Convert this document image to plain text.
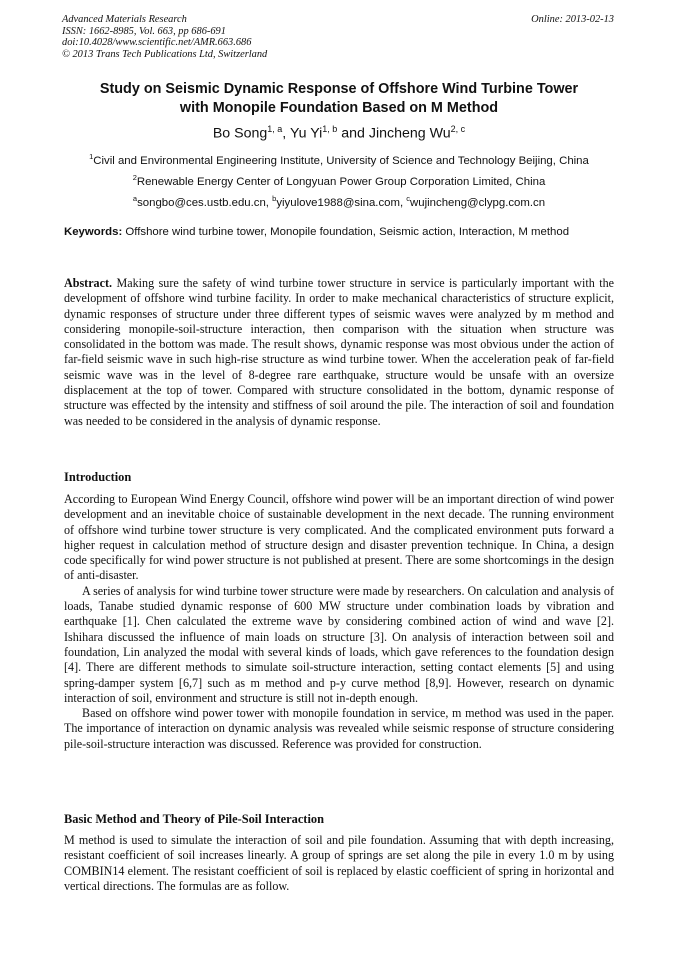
Advanced Materials Research
ISSN: 1662-8985, Vol. 663, pp 686-691
doi:10.4028/www.scientific.net/AMR.663.686
© 2013 Trans Tech Publications Ltd, Switzerland
Online: 2013-02-13
Study on Seismic Dynamic Response of Offshore Wind Turbine Tower
with Monopile Foundation Based on M Method
Bo Song$^{1, a}$, Yu Yi$^{1, b}$ and Jincheng Wu$^{2, c}$
$^1$Civil and Environmental Engineering Institute, University of Science and Technology Beijing, China
$^2$Renewable Energy Center of Longyuan Power Group Corporation Limited, China
$^a$songbo@ces.ustb.edu.cn, $^b$yiyulove1988@sina.com, $^c$wujincheng@clypg.com.cn
Keywords: Offshore wind turbine tower, Monopile foundation, Seismic action, Interaction, M method
Abstract. Making sure the safety of wind turbine tower structure in service is particularly important with the development of offshore wind turbine facility. In order to make mechanical characteristics of structure explicit, dynamic responses of structure under three different types of seismic waves were analyzed by m method and considering monopile-soil-structure interaction, then comparison with the situation when structure was consolidated in the bottom was made. The result shows, dynamic response was most obvious under the action of far-field seismic wave in such high-rise structure as wind turbine tower. When the acceleration peak of far-field seismic wave was in the level of 8-degree rare earthquake, structure would be unsafe with an oversize displacement at the top of tower. Compared with structure consolidated in the bottom, dynamic response of structure was effected by the intensity and stiffness of soil around the pile. The interaction of soil and foundation was needed to be considered in the analysis of dynamic response.
Introduction
According to European Wind Energy Council, offshore wind power will be an important direction of wind power development and an inevitable choice of sustainable development in the next decade. The running environment of offshore wind turbine tower structure is very complicated. And the complicated environment puts forward a higher request in calculation method of structure design and disaster prevention technique. In China, a design code specifically for wind power structure is not published at present. There are some shortcomings in the design of anti-disaster.
A series of analysis for wind turbine tower structure were made by researchers. On calculation and analysis of loads, Tanabe studied dynamic response of 600 MW structure under combination loads by vibration and earthquake [1]. Chen calculated the extreme wave by considering combined action of wind and wave [2]. Ishihara discussed the influence of main loads on structure [3]. On analysis of interaction between soil and foundation, Lin analyzed the modal with several kinds of loads, which gave references to the foundation design [4]. There are different methods to simulate soil-structure interaction, setting contact elements [5] and using spring-damper system [6,7] such as m method and p-y curve method [8,9]. However, research on dynamic interaction of soil, environment and structure is still not in-depth enough.
Based on offshore wind power tower with monopile foundation in service, m method was used in the paper. The importance of interaction on dynamic analysis was revealed while seismic response of structure considering pile-soil-structure interaction was discussed. Reference was provided for construction.
Basic Method and Theory of Pile-Soil Interaction
M method is used to simulate the interaction of soil and pile foundation. Assuming that with depth increasing, resistant coefficient of soil increases linearly. A group of springs are set along the pile in every 1.0 m by using COMBIN14 element. The resistant coefficient of soil is replaced by elastic coefficient of spring in horizontal and vertical directions. The formulas are as follow.
